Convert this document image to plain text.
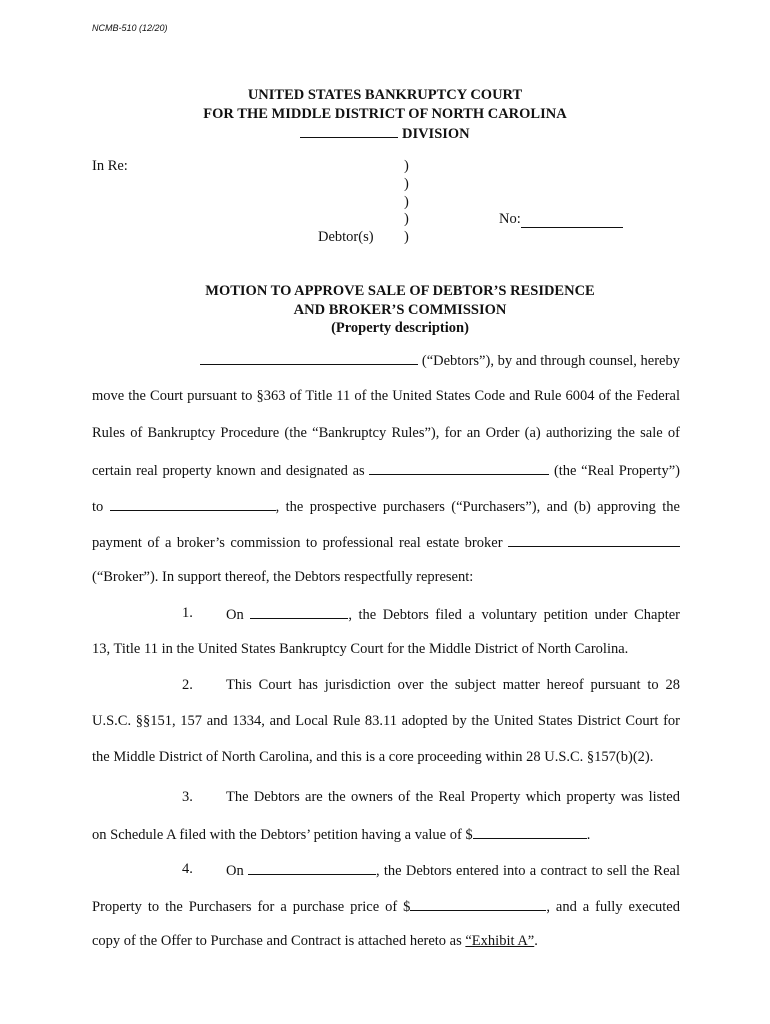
NCMB-510 (12/20)
UNITED STATES BANKRUPTCY COURT
FOR THE MIDDLE DISTRICT OF NORTH CAROLINA
DIVISION
In Re:
Debtor(s)
)
)
)
)
)
No:
MOTION TO APPROVE SALE OF DEBTOR’S RESIDENCE
AND BROKER’S COMMISSION
(Property description)
(“Debtors”), by and through counsel, hereby
move the Court pursuant to §363 of Title 11 of the United States Code and Rule 6004 of the Federal
Rules of Bankruptcy Procedure (the “Bankruptcy Rules”), for an Order (a) authorizing the sale of
certain real property known and designated as	(the “Real Property”)
to	, the prospective purchasers (“Purchasers”), and (b) approving the
payment of a broker’s commission to professional real estate broker
(“Broker”). In support thereof, the Debtors respectfully represent:
1.	On	, the Debtors filed a voluntary petition under Chapter
13, Title 11 in the United States Bankruptcy Court for the Middle District of North Carolina.
2.	This Court has jurisdiction over the subject matter hereof pursuant to 28
U.S.C. §§151, 157 and 1334, and Local Rule 83.11 adopted by the United States District Court for
the Middle District of North Carolina, and this is a core proceeding within 28 U.S.C. §157(b)(2).
3.	The Debtors are the owners of the Real Property which property was listed
on Schedule A filed with the Debtors’ petition having a value of $	.
4.	On	, the Debtors entered into a contract to sell the Real
Property to the Purchasers for a purchase price of $	, and a fully executed
copy of the Offer to Purchase and Contract is attached hereto as “Exhibit A”.
